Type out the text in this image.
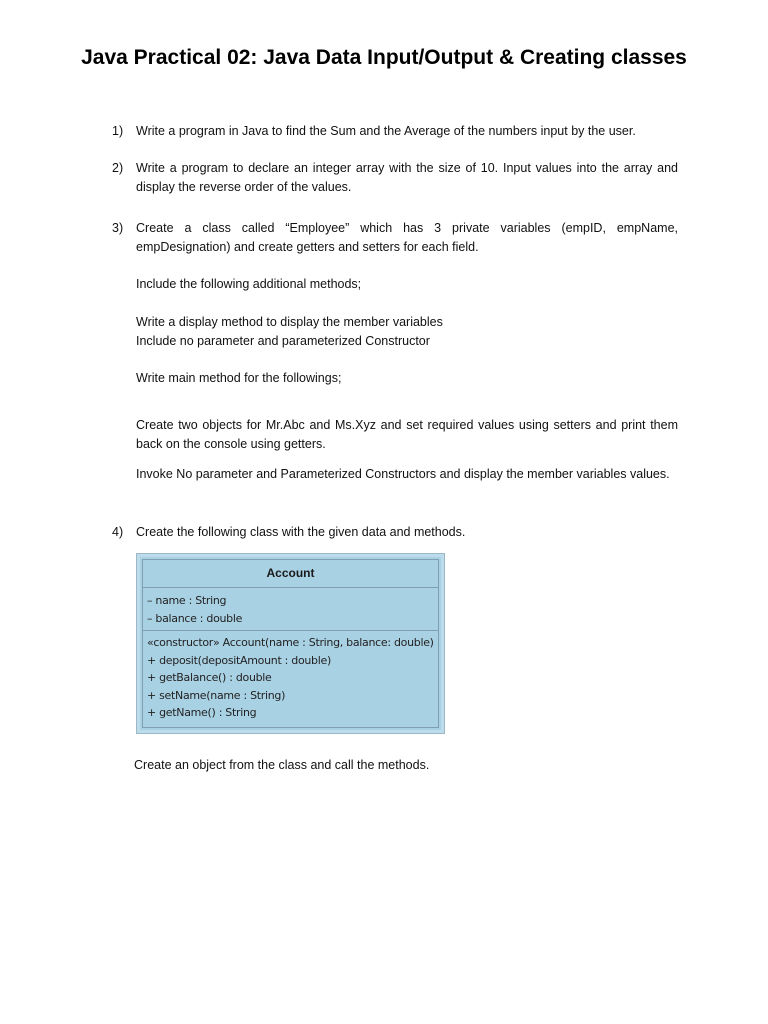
Java Practical 02: Java Data Input/Output & Creating classes
1)	Write a program in Java to find the Sum and the Average of the numbers input by the user.
2)	Write a program to declare an integer array with the size of 10. Input values into the array and display the reverse order of the values.
3)	Create a class called “Employee” which has 3 private variables (empID, empName, empDesignation) and create getters and setters for each field.
Include the following additional methods;
Write a display method to display the member variables
Include no parameter and parameterized Constructor
Write main method for the followings;
Create two objects for Mr.Abc and Ms.Xyz and set required values using setters and print them back on the console using getters.
Invoke No parameter and Parameterized Constructors and display the member variables values.
4)	Create the following class with the given data and methods.
Account
– name : String
– balance : double
«constructor» Account(name : String, balance: double)
+ deposit(depositAmount : double)
+ getBalance() : double
+ setName(name : String)
+ getName() : String
Create an object from the class and call the methods.
